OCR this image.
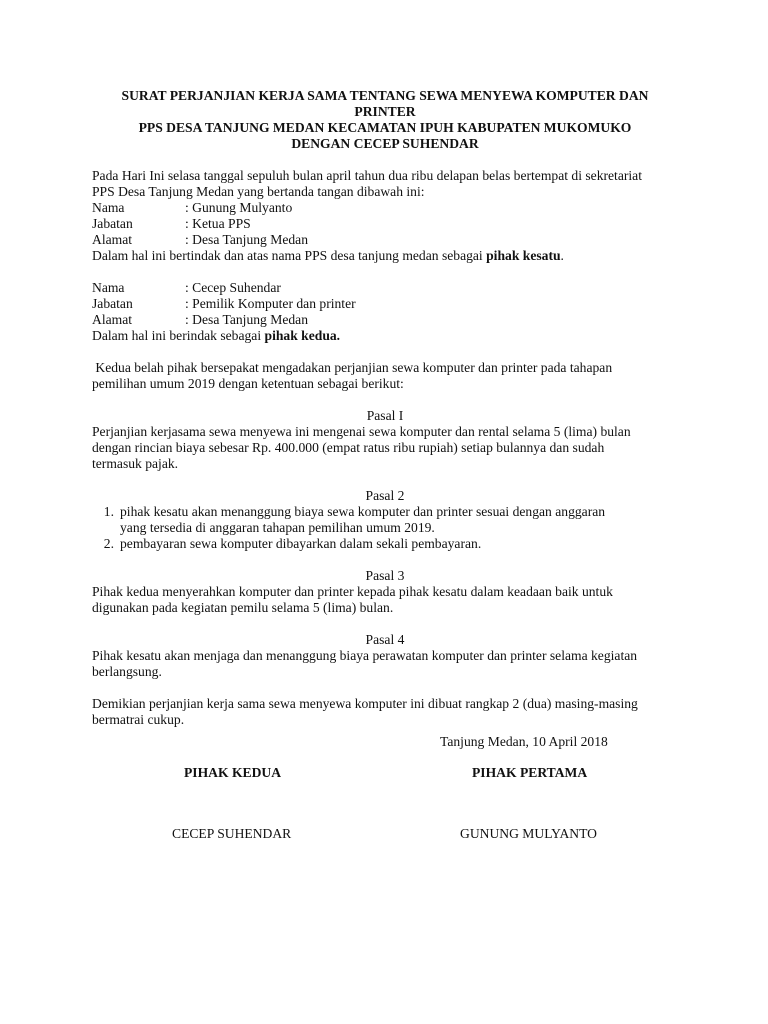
SURAT PERJANJIAN KERJA SAMA TENTANG SEWA MENYEWA KOMPUTER DAN
PRINTER
PPS DESA TANJUNG MEDAN KECAMATAN IPUH KABUPATEN MUKOMUKO
DENGAN CECEP SUHENDAR
Pada Hari Ini selasa tanggal sepuluh bulan april tahun dua ribu delapan belas bertempat di sekretariat
PPS Desa Tanjung Medan yang bertanda tangan dibawah ini:
Nama	: Gunung Mulyanto
Jabatan	: Ketua PPS
Alamat	: Desa Tanjung Medan
Dalam hal ini bertindak dan atas nama PPS desa tanjung medan sebagai pihak kesatu.
Nama	: Cecep Suhendar
Jabatan	: Pemilik Komputer dan printer
Alamat	: Desa Tanjung Medan
Dalam hal ini berindak sebagai pihak kedua.
Kedua belah pihak bersepakat mengadakan perjanjian sewa komputer dan printer pada tahapan
pemilihan umum 2019 dengan ketentuan sebagai berikut:
Pasal I
Perjanjian kerjasama sewa menyewa ini mengenai sewa komputer dan rental selama 5 (lima) bulan
dengan rincian biaya sebesar Rp. 400.000 (empat ratus ribu rupiah) setiap bulannya dan sudah
termasuk pajak.
Pasal 2
1. pihak kesatu akan menanggung biaya sewa komputer dan printer sesuai dengan anggaran
yang tersedia di anggaran tahapan pemilihan umum 2019.
2. pembayaran sewa komputer dibayarkan dalam sekali pembayaran.
Pasal 3
Pihak kedua menyerahkan komputer dan printer kepada pihak kesatu dalam keadaan baik untuk
digunakan pada kegiatan pemilu selama 5 (lima) bulan.
Pasal 4
Pihak kesatu akan menjaga dan menanggung biaya perawatan komputer dan printer selama kegiatan
berlangsung.
Demikian perjanjian kerja sama sewa menyewa komputer ini dibuat rangkap 2 (dua) masing-masing
bermatrai cukup.
Tanjung Medan, 10 April 2018
PIHAK KEDUA	PIHAK PERTAMA
CECEP SUHENDAR	GUNUNG MULYANTO
